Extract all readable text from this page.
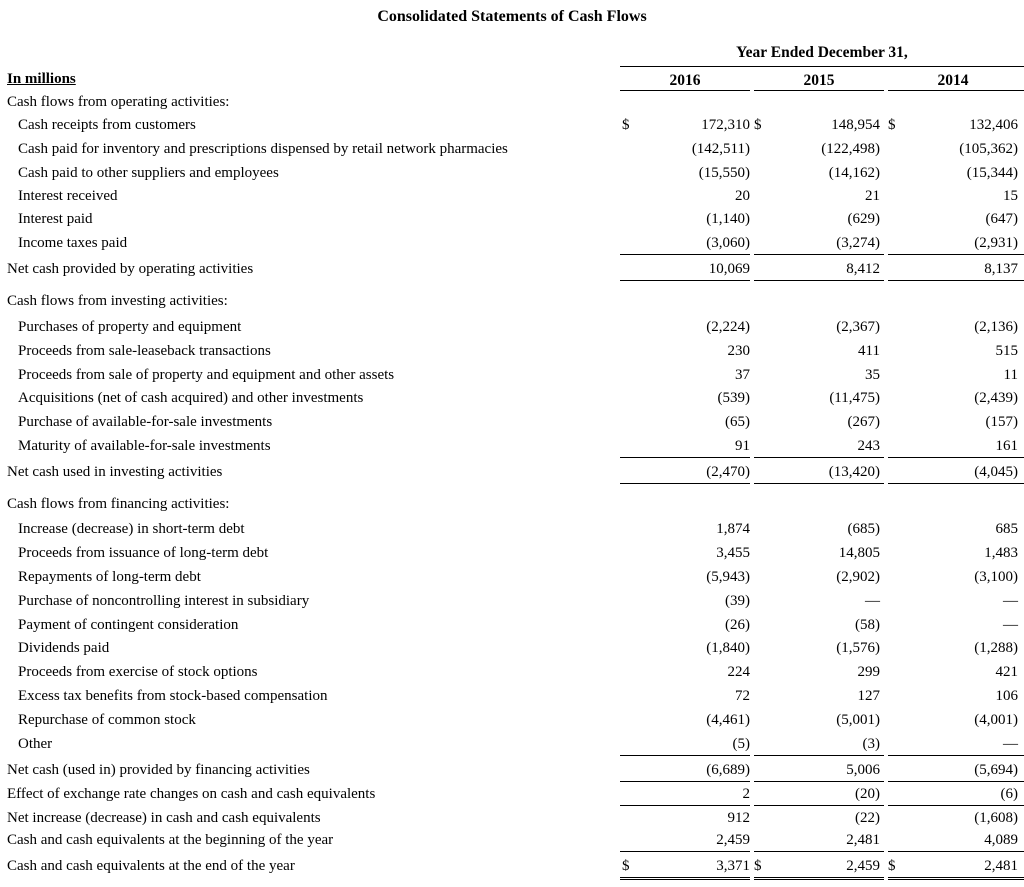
Consolidated Statements of Cash Flows
Year Ended December 31,
2016	2015	2014
In millions
Cash flows from operating activities:
Cash receipts from customers	$	172,310 $	148,954 $	132,406
Cash paid for inventory and prescriptions dispensed by retail network pharmacies	(142,511)	(122,498)	(105,362)
Cash paid to other suppliers and employees	(15,550)	(14,162)	(15,344)
Interest received	20	21	15
Interest paid	(1,140)	(629)	(647)
Income taxes paid	(3,060)	(3,274)	(2,931)
Net cash provided by operating activities	10,069	8,412	8,137
Cash flows from investing activities:
Purchases of property and equipment	(2,224)	(2,367)	(2,136)
Proceeds from sale-leaseback transactions	230	411	515
Proceeds from sale of property and equipment and other assets	37	35	11
Acquisitions (net of cash acquired) and other investments	(539)	(11,475)	(2,439)
Purchase of available-for-sale investments	(65)	(267)	(157)
Maturity of available-for-sale investments	91	243	161
Net cash used in investing activities	(2,470)	(13,420)	(4,045)
Cash flows from financing activities:
Increase (decrease) in short-term debt	1,874	(685)	685
Proceeds from issuance of long-term debt	3,455	14,805	1,483
Repayments of long-term debt	(5,943)	(2,902)	(3,100)
Purchase of noncontrolling interest in subsidiary	(39)	—	—
Payment of contingent consideration	(26)	(58)	—
Dividends paid	(1,840)	(1,576)	(1,288)
Proceeds from exercise of stock options	224	299	421
Excess tax benefits from stock-based compensation	72	127	106
Repurchase of common stock	(4,461)	(5,001)	(4,001)
Other	(5)	(3)	—
Net cash (used in) provided by financing activities	(6,689)	5,006	(5,694)
Effect of exchange rate changes on cash and cash equivalents	2	(20)	(6)
Net increase (decrease) in cash and cash equivalents	912	(22)	(1,608)
Cash and cash equivalents at the beginning of the year	2,459	2,481	4,089
Cash and cash equivalents at the end of the year	$	3,371 $	2,459 $	2,481
